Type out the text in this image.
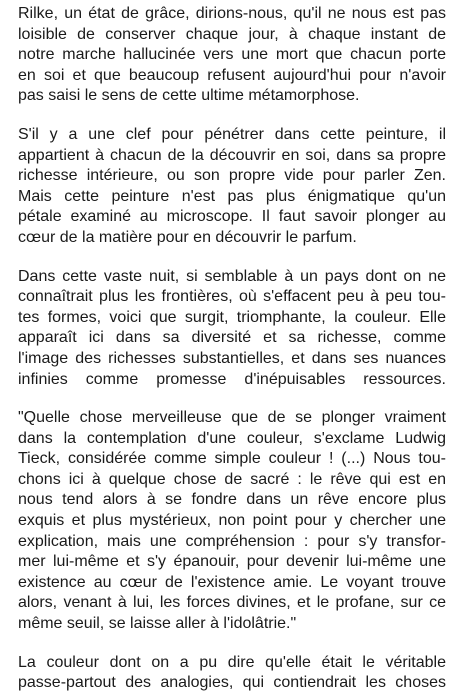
Rilke, un état de grâce, dirions-nous, qu'il ne nous est pas
loisible de conserver chaque jour, à chaque instant de
notre marche hallucinée vers une mort que chacun porte
en soi et que beaucoup refusent aujourd'hui pour n'avoir
pas saisi le sens de cette ultime métamorphose.

S'il y a une clef pour pénétrer dans cette peinture, il
appartient à chacun de la découvrir en soi, dans sa propre
richesse intérieure, ou son propre vide pour parler Zen.
Mais cette peinture n'est pas plus énigmatique qu'un
pétale examiné au microscope. Il faut savoir plonger au
cœur de la matière pour en découvrir le parfum.

Dans cette vaste nuit, si semblable à un pays dont on ne
connaîtrait plus les frontières, où s'effacent peu à peu tou-
tes formes, voici que surgit, triomphante, la couleur. Elle
apparaît ici dans sa diversité et sa richesse, comme
l'image des richesses substantielles, et dans ses nuances
infinies comme promesse d'inépuisables ressources.

"Quelle chose merveilleuse que de se plonger vraiment
dans la contemplation d'une couleur, s'exclame Ludwig
Tieck, considérée comme simple couleur ! (...) Nous tou-
chons ici à quelque chose de sacré : le rêve qui est en
nous tend alors à se fondre dans un rêve encore plus
exquis et plus mystérieux, non point pour y chercher une
explication, mais une compréhension : pour s'y transfor-
mer lui-même et s'y épanouir, pour devenir lui-même une
existence au cœur de l'existence amie. Le voyant trouve
alors, venant à lui, les forces divines, et le profane, sur ce
même seuil, se laisse aller à l'idolâtrie."

La couleur dont on a pu dire qu'elle était le véritable
passe-partout des analogies, qui contiendrait les choses
